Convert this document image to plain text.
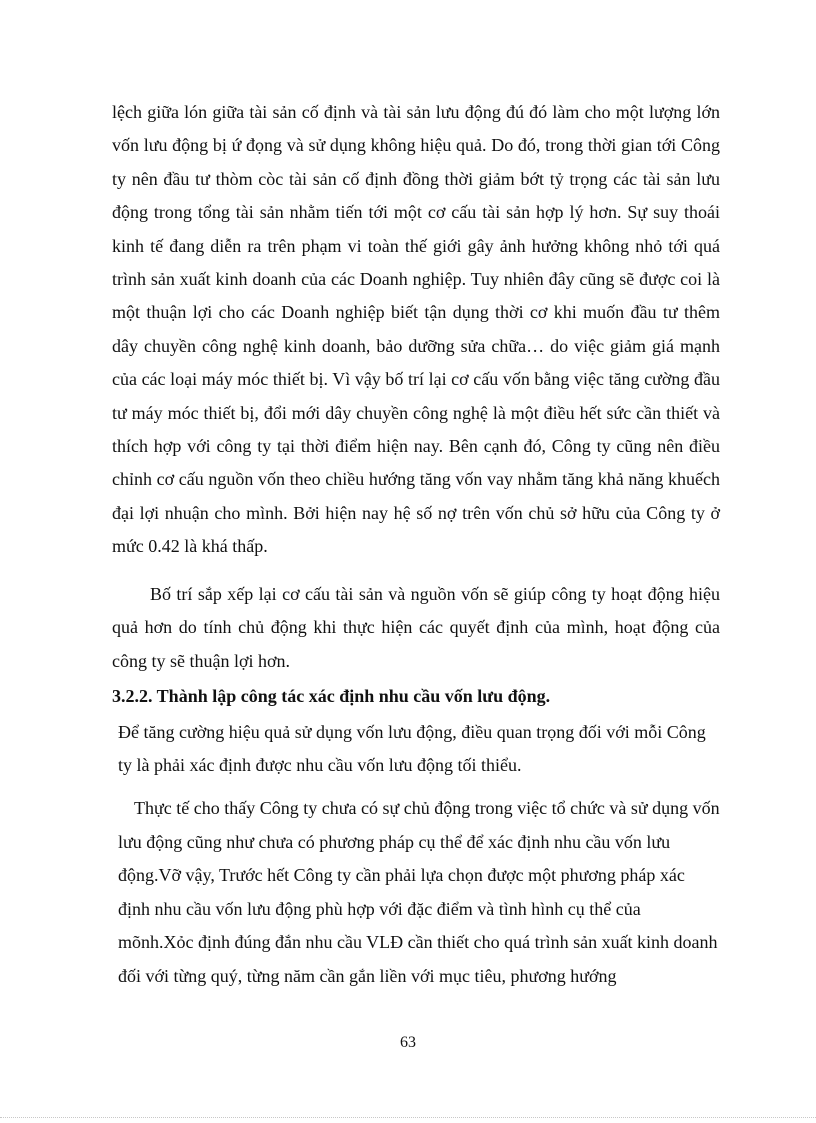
lệch giữa lón giữa tài sản cố định và tài sản lưu động đú đó làm cho một lượng lớn vốn lưu động bị ứ đọng và sử dụng không hiệu quả. Do đó, trong thời gian tới Công ty nên đầu tư thòm còc tài sản cố định đồng thời giảm bớt tỷ trọng các tài sản lưu động trong tổng tài sản nhằm tiến tới một cơ cấu tài sản hợp lý hơn. Sự suy thoái kinh tế đang diễn ra trên phạm vi toàn thế giới gây ảnh hưởng không nhỏ tới quá trình sản xuất kinh doanh của các Doanh nghiệp. Tuy nhiên đây cũng sẽ được coi là một thuận lợi cho các Doanh nghiệp biết tận dụng thời cơ khi muốn đầu tư thêm dây chuyền công nghệ kinh doanh, bảo dưỡng sửa chữa… do việc giảm giá mạnh của các loại máy móc thiết bị. Vì vậy bố trí lại cơ cấu vốn bằng việc tăng cường đầu tư máy móc thiết bị, đổi mới dây chuyền công nghệ là một điều hết sức cần thiết và thích hợp với công ty tại thời điểm hiện nay. Bên cạnh đó, Công ty cũng nên điều chỉnh cơ cấu nguồn vốn theo chiều hướng tăng vốn vay nhằm tăng khả năng khuếch đại lợi nhuận cho mình. Bởi hiện nay hệ số nợ trên vốn chủ sở hữu của Công ty ở mức 0.42 là khá thấp.
Bố trí sắp xếp lại cơ cấu tài sản và nguồn vốn sẽ giúp công ty hoạt động hiệu quả hơn do tính chủ động khi thực hiện các quyết định của mình, hoạt động của công ty sẽ thuận lợi hơn.
3.2.2. Thành lập công tác xác định nhu cầu vốn lưu động.
Để tăng cường hiệu quả sử dụng vốn lưu động, điều quan trọng đối với mỗi Công ty là phải xác định được nhu cầu vốn lưu động tối thiểu.
Thực tế cho thấy Công ty chưa có sự chủ động trong việc tổ chức và sử dụng vốn lưu động cũng như chưa có phương pháp cụ thể để xác định nhu cầu vốn lưu động.Vỡ vậy, Trước hết Công ty cần phải lựa chọn được một phương pháp xác định nhu cầu vốn lưu động phù hợp với đặc điểm và tình hình cụ thể của mõnh.Xỏc định đúng đắn nhu cầu VLĐ cần thiết cho quá trình sản xuất kinh doanh đối với từng quý, từng năm cần gắn liền với mục tiêu, phương hướng
63
